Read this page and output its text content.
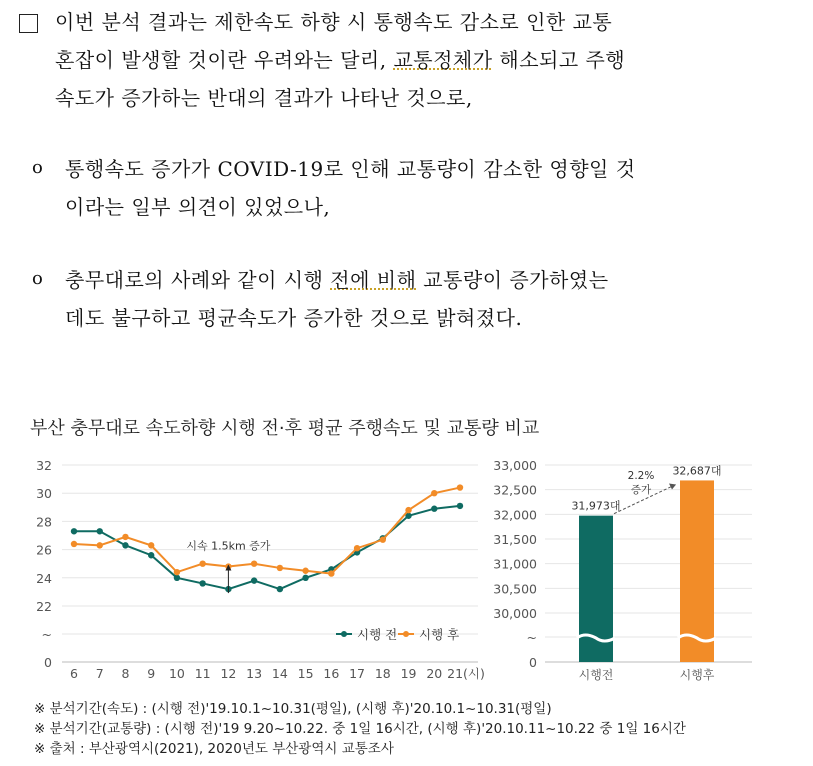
이번 분석 결과는 제한속도 하향 시 통행속도 감소로 인한 교통
혼잡이 발생할 것이란 우려와는 달리, 교통정체가 해소되고 주행
속도가 증가하는 반대의 결과가 나타난 것으로,
o 통행속도 증가가 COVID-19로 인해 교통량이 감소한 영향일 것
이라는 일부 의견이 있었으나,
o 충무대로의 사례와 같이 시행 전에 비해 교통량이 증가하였는
데도 불구하고 평균속도가 증가한 것으로 밝혀졌다.
부산 충무대로 속도하향 시행 전·후 평균 주행속도 및 교통량 비교
32
30
28
26
24
22
~
0
6 7 8 9 10 11 12 13 14 15 16 17 18 19 20 21(시)
시속 1.5km 증가
시행 전 시행 후
33,000
32,500
32,000
31,500
31,000
30,500
30,000
~
0
31,973대
시행전
32,687대
시행후
2.2%
증가
※ 분석기간(속도) : (시행 전)'19.10.1~10.31(평일), (시행 후)'20.10.1~10.31(평일)
※ 분석기간(교통량) : (시행 전)'19 9.20~10.22. 중 1일 16시간, (시행 후)'20.10.11~10.22 중 1일 16시간
※ 출처 : 부산광역시(2021), 2020년도 부산광역시 교통조사
